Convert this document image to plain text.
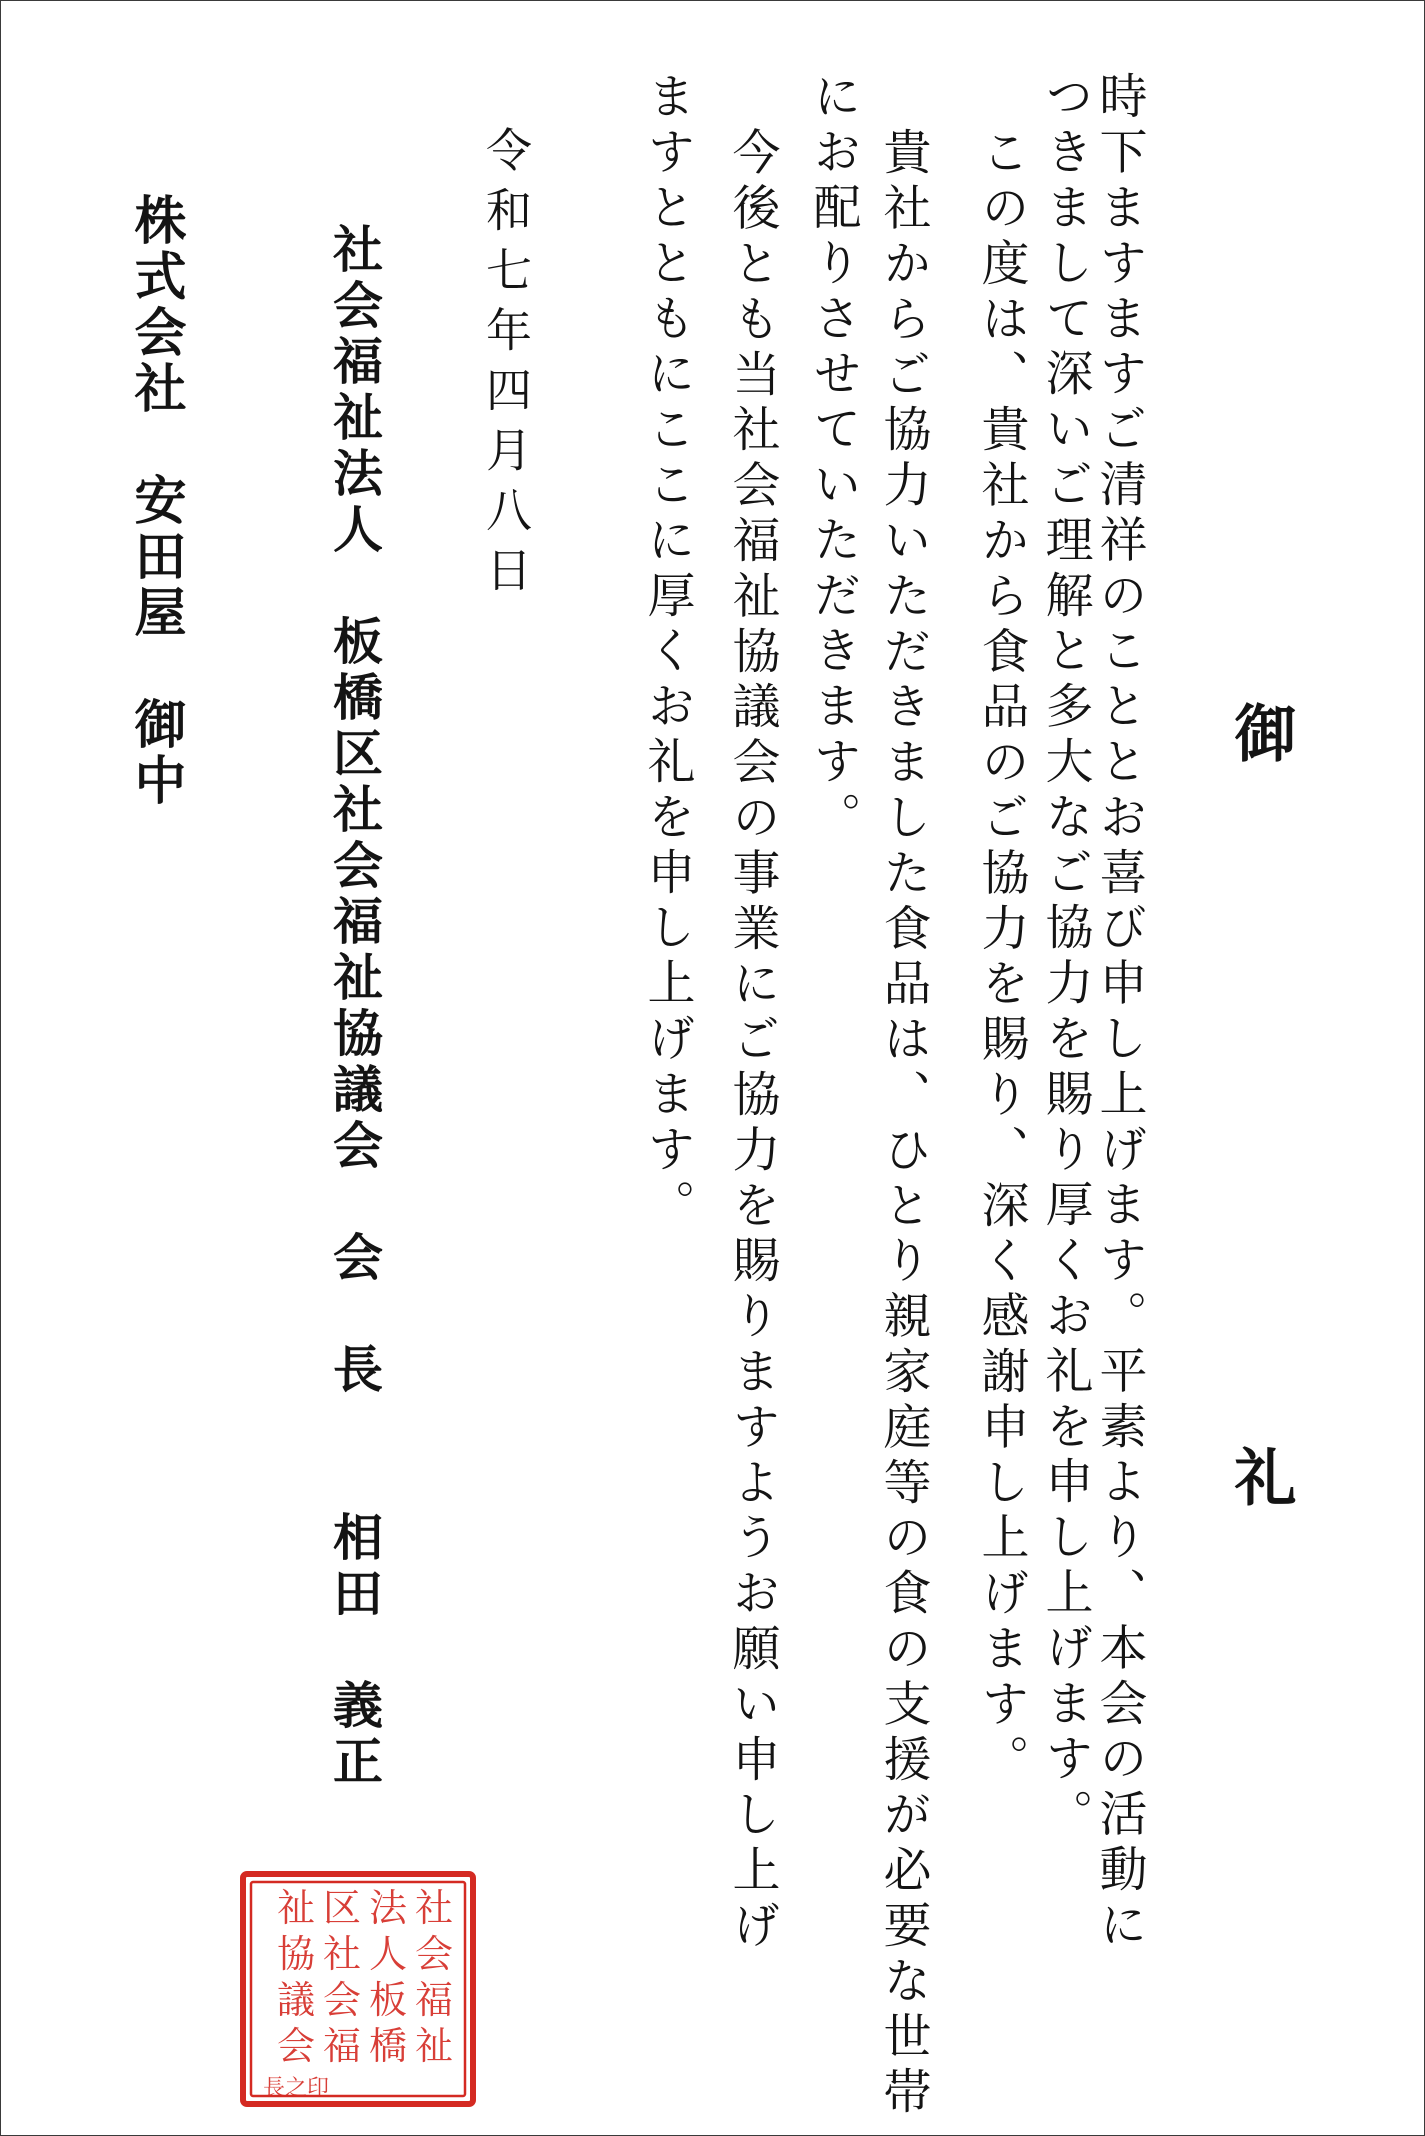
御　礼

時下ますますご清祥のこととお喜び申し上げます。平素より、本会の活動に

つきまして深いご理解と多大なご協力を賜り厚くお礼を申し上げます。

この度は、貴社から食品のご協力を賜り、深く感謝申し上げます。

貴社からご協力いただきました食品は、ひとり親家庭等の食の支援が必要な世帯

にお配りさせていただきます。

今後とも当社会福祉協議会の事業にご協力を賜りますようお願い申し上げ

ますとともにここに厚くお礼を申し上げます。

令和七年四月八日

社会福祉法人　板橋区社会福祉協議会　会　長　　相田　義正

株式会社　安田屋　御中

社
会
福
祉
法
人
板
橋
区
社
会
福
祉
協
議
会
長之印
